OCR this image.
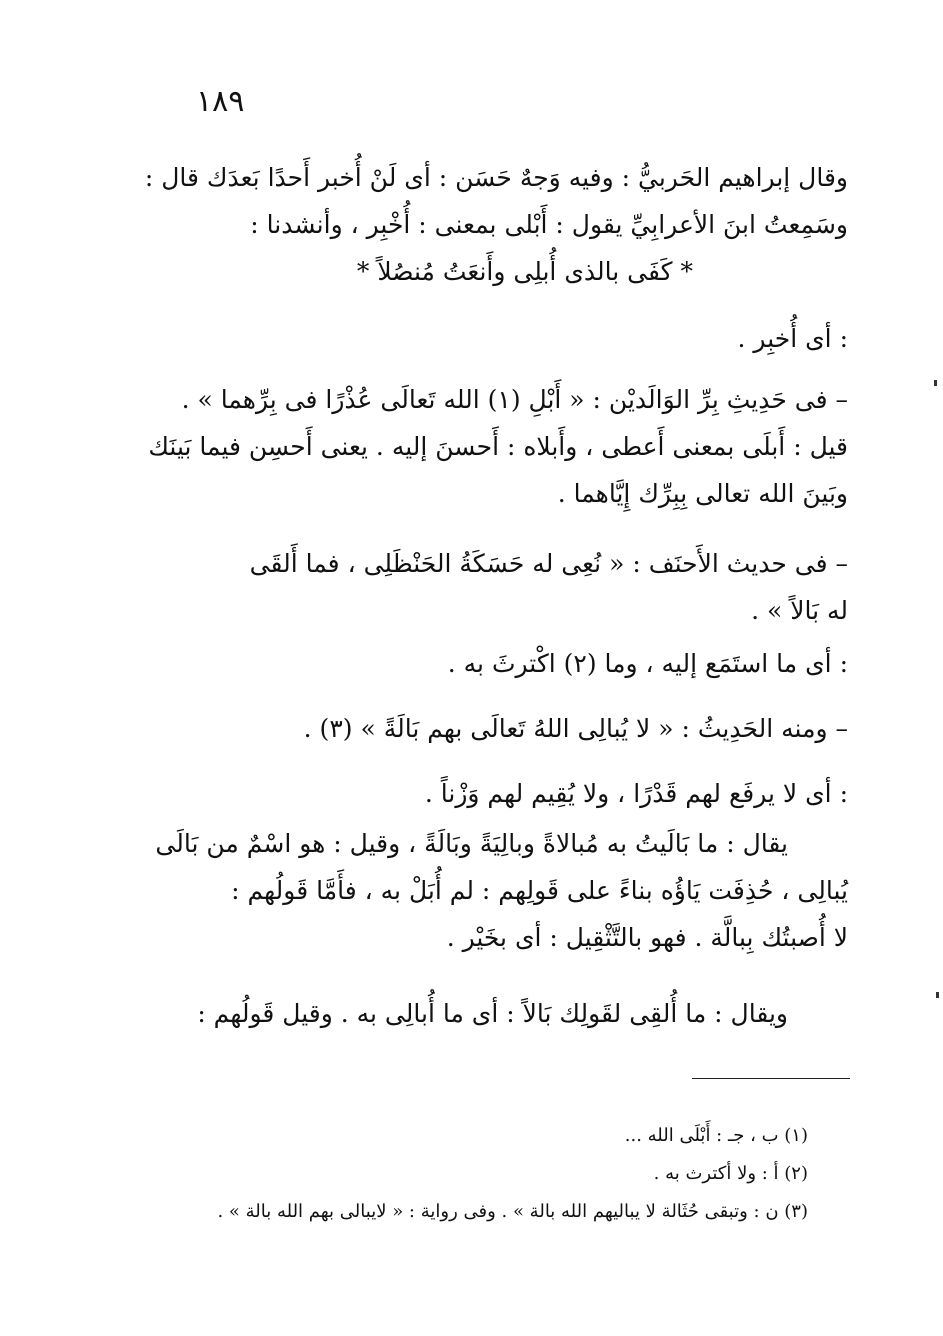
١٨٩
وقال إبراهيم الحَربيُّ : وفيه وَجهٌ حَسَن : أى لَنْ أُخبر أَحدًا بَعدَك قال :
وسَمِعتُ ابنَ الأعرابِيِّ يقول : أَبْلى بمعنى : أُخْبِر ، وأنشدنا :
* كَفَى بالذى أُبلِى وأَنعَتُ مُنصُلاً *
: أى أُخبِر .
– فى حَدِيثِ بِرِّ الوَالَديْن : « أَبْلِ (١) الله تَعالَى عُذْرًا فى بِرِّهما » .
قيل : أَبلَى بمعنى أَعطى ، وأَبلاه : أَحسنَ إليه . يعنى أَحسِن فيما بَينَك
وبَينَ الله تعالى بِبِرِّك إِيَّاهما .
– فى حديث الأَحنَف : « نُعِى له حَسَكَةُ الحَنْظَلِى ، فما أَلقَى
له بَالاً » .
: أى ما استَمَع إليه ، وما (٢) اكْترثَ به .
– ومنه الحَدِيثُ : « لا يُبالِى اللهُ تَعالَى بهم بَالَةً » (٣) .
: أى لا يرفَع لهم قَدْرًا ، ولا يُقِيم لهم وَزْناً .
يقال : ما بَالَيتُ به مُبالاةً وبالِيَةً وبَالَةً ، وقيل : هو اسْمٌ من بَالَى
يُبالِى ، حُذِفَت يَاؤُه بناءً على قَولِهم : لم أُبَلْ به ، فأَمَّا قَولُهم :
لا أُصبتُك بِبالَّة . فهو بالتَّثْقِيل : أى بخَيْر .
ويقال : ما أُلقِى لقَولِك بَالاً : أى ما أُبالِى به . وقيل قَولُهم :
(١) ب ، جـ : أَبْلَى الله ...
(٢) أ : ولا أكترث به .
(٣) ن : وتبقى حُثَالة لا يباليهم الله بالة » . وفى رواية : « لايبالى بهم الله بالة » .
